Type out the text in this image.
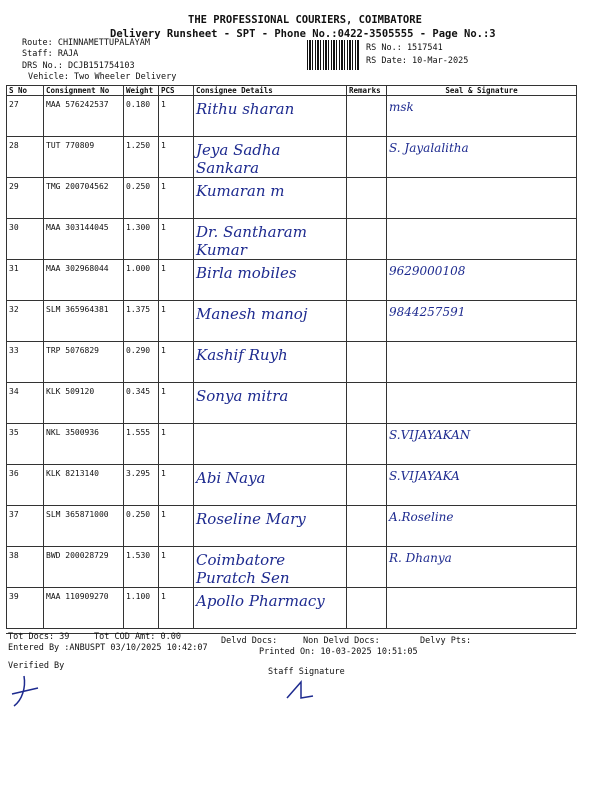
THE PROFESSIONAL COURIERS, COIMBATORE
Delivery Runsheet - SPT - Phone No.:0422-3505555 - Page No.:3
Route: CHINNAMETTUPALAYAM
Staff: RAJA
DRS No.: DCJB151754103
Vehicle: Two Wheeler Delivery
RS No.: 1517541
RS Date: 10-Mar-2025
S No	Consignment No	Weight	PCS	Consignee Details	Remarks	Seal & Signature
27	MAA 576242537	0.180	1	Rithu sharan		msk
28	TUT 770809	1.250	1	Jeya Sadha Sankara		S. Jayalalitha
29	TMG 200704562	0.250	1	Kumaran m		
30	MAA 303144045	1.300	1	Dr. Santharam Kumar		
31	MAA 302968044	1.000	1	Birla mobiles		9629000108
32	SLM 365964381	1.375	1	Manesh manoj		9844257591
33	TRP 5076829	0.290	1	Kashif Ruyh		
34	KLK 509120	0.345	1	Sonya mitra		
35	NKL 3500936	1.555	1			S.VIJAYAKAN
36	KLK 8213140	3.295	1	Abi Naya		S.VIJAYAKA
37	SLM 365871000	0.250	1	Roseline Mary		A.Roseline
38	BWD 200028729	1.530	1	Coimbatore Puratch Sen		R. Dhanya
39	MAA 110909270	1.100	1	Apollo Pharmacy		
Tot Docs: 39	Tot COD Amt: 0.00	Delvd Docs:	Non Delvd Docs:	Delvy Pts:
Entered By :ANBUSPT 03/10/2025 10:42:07	Printed On: 10-03-2025 10:51:05
Verified By
Staff Signature
